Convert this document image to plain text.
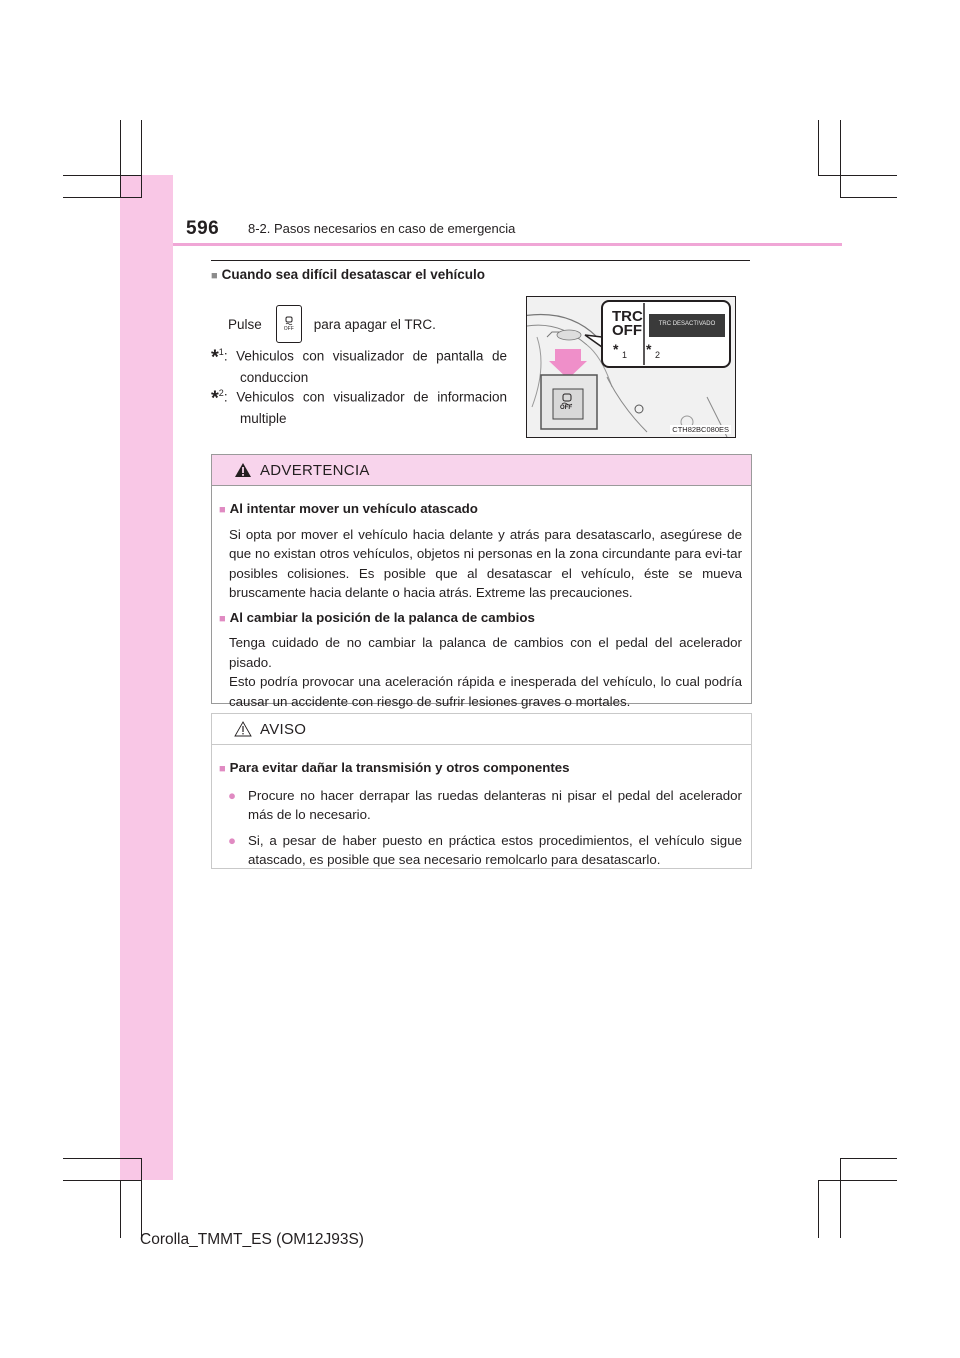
596 8-2. Pasos necesarios en caso de emergencia
■ Cuando sea difícil desatascar el vehículo
Pulse	OFF para apagar el TRC.
*$^1$: Vehiculos con visualizador de pantalla de
conduccion
*$^2$: Vehiculos con visualizador de informacion
multiple
TRC
OFF	TRC DESACTIVADO
* 1 * 2
OFF
CTH82BC080ES
ADVERTENCIA
■ Al intentar mover un vehículo atascado
Si opta por mover el vehículo hacia delante y atrás para desatascarlo, asegúrese de que no existan otros vehículos, objetos ni personas en la zona circundante para evi-tar posibles colisiones. Es posible que al desatascar el vehículo, éste se mueva bruscamente hacia delante o hacia atrás. Extreme las precauciones.
■ Al cambiar la posición de la palanca de cambios
Tenga cuidado de no cambiar la palanca de cambios con el pedal del acelerador pisado.
Esto podría provocar una aceleración rápida e inesperada del vehículo, lo cual podría causar un accidente con riesgo de sufrir lesiones graves o mortales.
AVISO
■ Para evitar dañar la transmisión y otros componentes
● Procure no hacer derrapar las ruedas delanteras ni pisar el pedal del acelerador más de lo necesario.
● Si, a pesar de haber puesto en práctica estos procedimientos, el vehículo sigue atascado, es posible que sea necesario remolcarlo para desatascarlo.
Corolla_TMMT_ES (OM12J93S)
